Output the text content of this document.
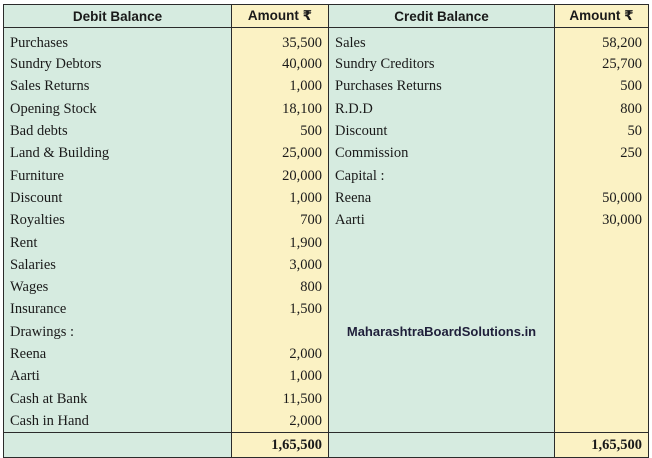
Debit Balance	Amount ₹	Credit Balance	Amount ₹
Purchases	35,500	Sales	58,200
Sundry Debtors	40,000	Sundry Creditors	25,700
Sales Returns	1,000	Purchases Returns	500
Opening Stock	18,100	R.D.D	800
Bad debts	500	Discount	50
Land & Building	25,000	Commission	250
Furniture	20,000	Capital :	
Discount	1,000	Reena	50,000
Royalties	700	Aarti	30,000
Rent	1,900		
Salaries	3,000		
Wages	800		
Insurance	1,500		
Drawings :		MaharashtraBoardSolutions.in	
Reena	2,000		
Aarti	1,000		
Cash at Bank	11,500		
Cash in Hand	2,000		
	1,65,500		1,65,500
